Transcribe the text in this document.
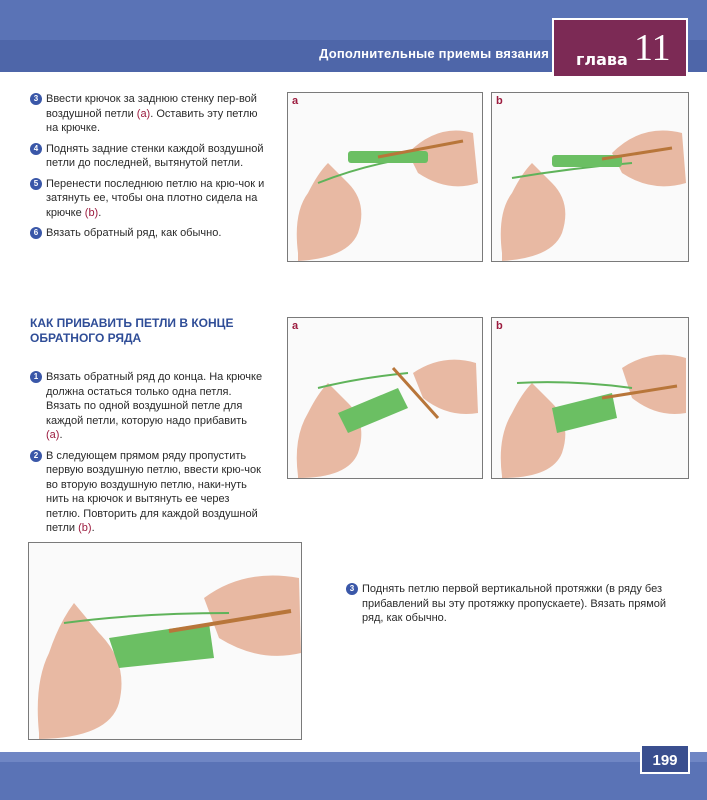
Дополнительные приемы вязания глава 11
3 Ввести крючок за заднюю стенку пер-вой воздушной петли (a). Оставить эту петлю на крючке.
4 Поднять задние стенки каждой воздушной петли до последней, вытянутой петли.
5 Перенести последнюю петлю на крю-чок и затянуть ее, чтобы она плотно сидела на крючке (b).
6 Вязать обратный ряд, как обычно.
a	b
КАК ПРИБАВИТЬ ПЕТЛИ В КОНЦЕ ОБРАТНОГО РЯДА
1 Вязать обратный ряд до конца. На крючке должна остаться только одна петля. Вязать по одной воздушной петле для каждой петли, которую надо прибавить (a).
2 В следующем прямом ряду пропустить первую воздушную петлю, ввести крю-чок во вторую воздушную петлю, наки-нуть нить на крючок и вытянуть ее через петлю. Повторить для каждой воздушной петли (b).
a	b
3 Поднять петлю первой вертикальной протяжки (в ряду без прибавлений вы эту протяжку пропускаете). Вязать прямой ряд, как обычно.
199
